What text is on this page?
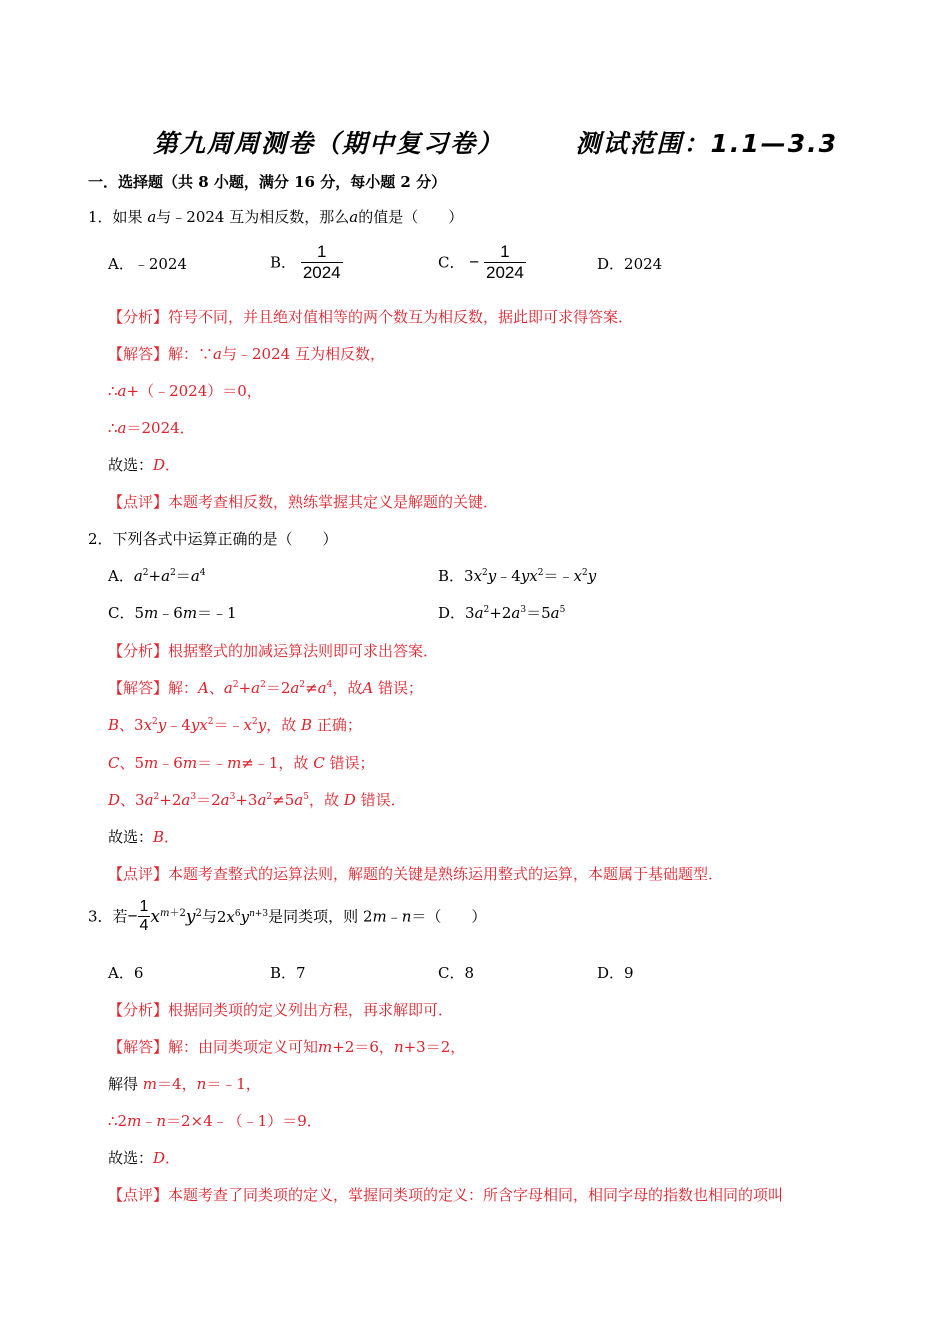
第九周周测卷（期中复习卷）	测试范围：1.1—3.3
一．选择题（共 8 小题，满分 16 分，每小题 2 分）
1．如果 a与﹣2024 互为相反数，那么a的值是（　　）
A．﹣2024	B． $\frac{1}{2024}$	C． − $\frac{1}{2024}$	D．2024
【分析】符号不同，并且绝对值相等的两个数互为相反数，据此即可求得答案．
【解答】解：∵a与﹣2024 互为相反数，
∴a+（﹣2024）＝0，
∴a＝2024．
故选：D．
【点评】本题考查相反数，熟练掌握其定义是解题的关键．
2．下列各式中运算正确的是（　　）
A．$a^2+a^2=a^4$	B．$3x^2y﹣4yx^2=﹣x^2y$
C．5m﹣6m＝﹣1	D．$3a^2+2a^3=5a^5$
【分析】根据整式的加减运算法则即可求出答案．
【解答】解：A、$a^2+a^2=2a^2\ne a^4$，故A 错误；
B、$3x^2y﹣4yx^2=﹣x^2y$，故 B 正确；
C、5m﹣6m＝﹣m≠﹣1，故 C 错误；
D、$3a^2+2a^3=2a^3+3a^2\ne 5a^5$，故 D 错误．
故选：B．
【点评】本题考查整式的运算法则，解题的关键是熟练运用整式的运算，本题属于基础题型．
3．若− $\frac{1}{4} x^{m+2}y^2$与$2x^6y^{n+3}$是同类项，则 2m﹣n＝（　　）
A．6	B．7	C．8	D．9
【分析】根据同类项的定义列出方程，再求解即可．
【解答】解：由同类项定义可知m+2＝6，n+3＝2，
解得 m＝4，n＝﹣1，
∴2m﹣n＝2×4﹣（﹣1）＝9．
故选：D．
【点评】本题考查了同类项的定义，掌握同类项的定义：所含字母相同，相同字母的指数也相同的项叫
